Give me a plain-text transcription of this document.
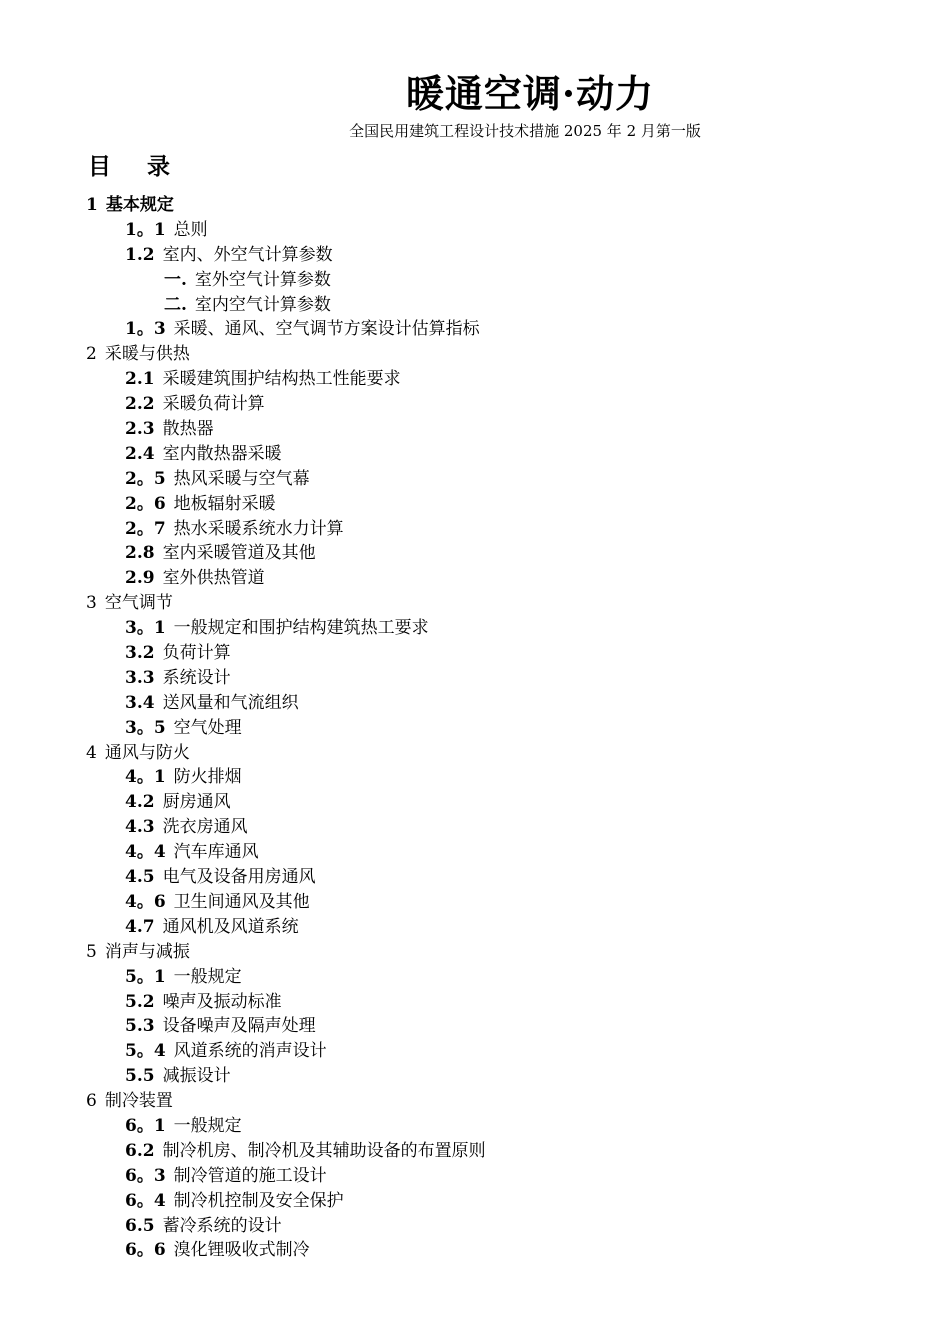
暖通空调·动力
全国民用建筑工程设计技术措施 2025 年 2 月第一版
目 录
1 基本规定
1。1 总则
1.2 室内、外空气计算参数
一. 室外空气计算参数
二. 室内空气计算参数
1。3 采暖、通风、空气调节方案设计估算指标
2 采暖与供热
2.1 采暖建筑围护结构热工性能要求
2.2 采暖负荷计算
2.3 散热器
2.4 室内散热器采暖
2。5 热风采暖与空气幕
2。6 地板辐射采暖
2。7 热水采暖系统水力计算
2.8 室内采暖管道及其他
2.9 室外供热管道
3 空气调节
3。1 一般规定和围护结构建筑热工要求
3.2 负荷计算
3.3 系统设计
3.4 送风量和气流组织
3。5 空气处理
4 通风与防火
4。1 防火排烟
4.2 厨房通风
4.3 洗衣房通风
4。4 汽车库通风
4.5 电气及设备用房通风
4。6 卫生间通风及其他
4.7 通风机及风道系统
5 消声与减振
5。1 一般规定
5.2 噪声及振动标准
5.3 设备噪声及隔声处理
5。4 风道系统的消声设计
5.5 减振设计
6 制冷装置
6。1 一般规定
6.2 制冷机房、制冷机及其辅助设备的布置原则
6。3 制冷管道的施工设计
6。4 制冷机控制及安全保护
6.5 蓄冷系统的设计
6。6 溴化锂吸收式制冷
